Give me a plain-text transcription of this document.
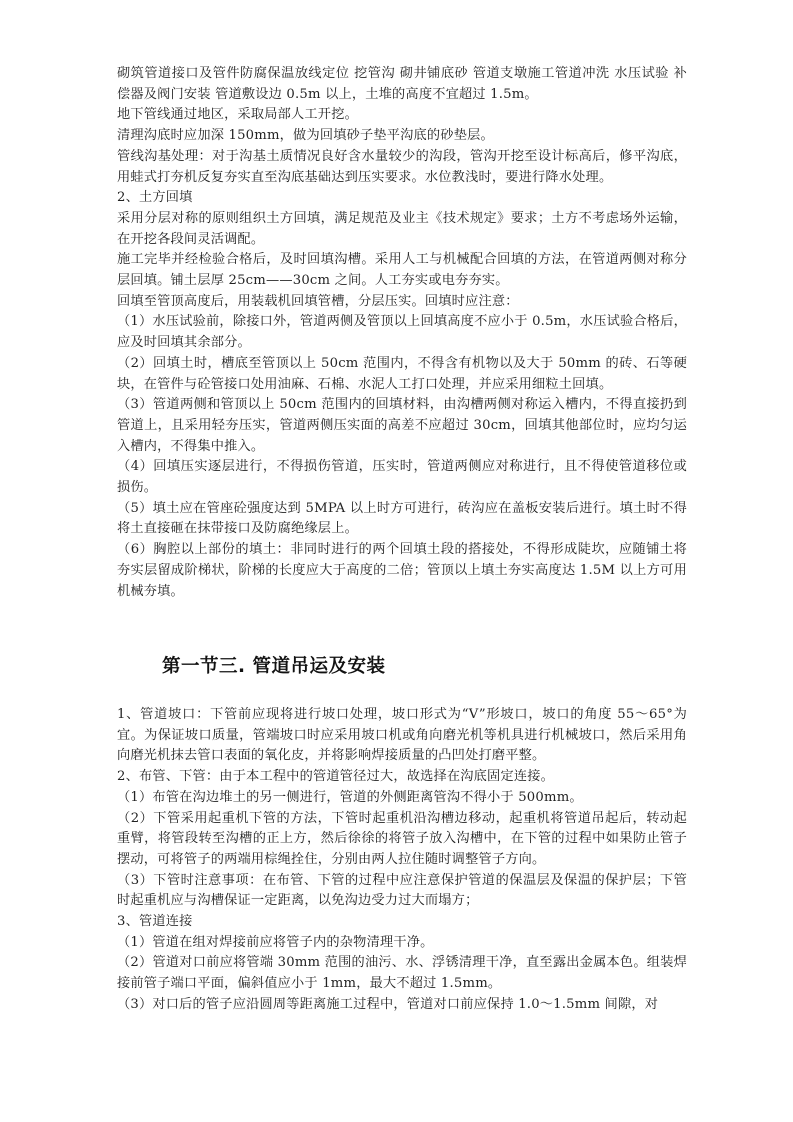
砌筑管道接口及管件防腐保温放线定位 挖管沟 砌井铺底砂 管道支墩施工管道冲洗 水压试验 补偿器及阀门安装 管道敷设边 0.5m 以上，土堆的高度不宜超过 1.5m。

地下管线通过地区，采取局部人工开挖。

清理沟底时应加深 150mm，做为回填砂子垫平沟底的砂垫层。

管线沟基处理：对于沟基土质情况良好含水量较少的沟段，管沟开挖至设计标高后，修平沟底，用蛙式打夯机反复夯实直至沟底基础达到压实要求。水位教浅时，要进行降水处理。

2、土方回填

采用分层对称的原则组织土方回填，满足规范及业主《技术规定》要求；土方不考虑场外运输，在开挖各段间灵活调配。

施工完毕并经检验合格后，及时回填沟槽。采用人工与机械配合回填的方法，在管道两侧对称分层回填。铺土层厚 25cm——30cm 之间。人工夯实或电夯夯实。

回填至管顶高度后，用装载机回填管槽，分层压实。回填时应注意：

（1）水压试验前，除接口外，管道两侧及管顶以上回填高度不应小于 0.5m，水压试验合格后，应及时回填其余部分。

（2）回填土时，槽底至管顶以上 50cm 范围内，不得含有机物以及大于 50mm 的砖、石等硬块，在管件与砼管接口处用油麻、石棉、水泥人工打口处理，并应采用细粒土回填。

（3）管道两侧和管顶以上 50cm 范围内的回填材料，由沟槽两侧对称运入槽内，不得直接扔到管道上，且采用轻夯压实，管道两侧压实面的高差不应超过 30cm，回填其他部位时，应均匀运入槽内，不得集中推入。

（4）回填压实逐层进行，不得损伤管道，压实时，管道两侧应对称进行，且不得使管道移位或损伤。

（5）填土应在管座砼强度达到 5MPA 以上时方可进行，砖沟应在盖板安装后进行。填土时不得将土直接砸在抹带接口及防腐绝缘层上。

（6）胸腔以上部份的填土：非同时进行的两个回填土段的搭接处，不得形成陡坎，应随铺土将夯实层留成阶梯状，阶梯的长度应大于高度的二倍；管顶以上填土夯实高度达 1.5M 以上方可用机械夯填。

第一节三. 管道吊运及安装

1、管道坡口：下管前应现将进行坡口处理，坡口形式为“V”形坡口，坡口的角度 55～65°为宜。为保证坡口质量，管端坡口时应采用坡口机或角向磨光机等机具进行机械坡口，然后采用角向磨光机抹去管口表面的氧化皮，并将影响焊接质量的凸凹处打磨平整。

2、布管、下管：由于本工程中的管道管径过大，故选择在沟底固定连接。

（1）布管在沟边堆土的另一侧进行，管道的外侧距离管沟不得小于 500mm。

（2）下管采用起重机下管的方法，下管时起重机沿沟槽边移动，起重机将管道吊起后，转动起重臂，将管段转至沟槽的正上方，然后徐徐的将管子放入沟槽中，在下管的过程中如果防止管子摆动，可将管子的两端用棕绳拴住，分别由两人拉住随时调整管子方向。

（3）下管时注意事项：在布管、下管的过程中应注意保护管道的保温层及保温的保护层；下管时起重机应与沟槽保证一定距离，以免沟边受力过大而塌方；

3、管道连接

（1）管道在组对焊接前应将管子内的杂物清理干净。

（2）管道对口前应将管端 30mm 范围的油污、水、浮锈清理干净，直至露出金属本色。组装焊接前管子端口平面，偏斜值应小于 1mm，最大不超过 1.5mm。

（3）对口后的管子应沿圆周等距离施工过程中，管道对口前应保持 1.0～1.5mm 间隙，对
